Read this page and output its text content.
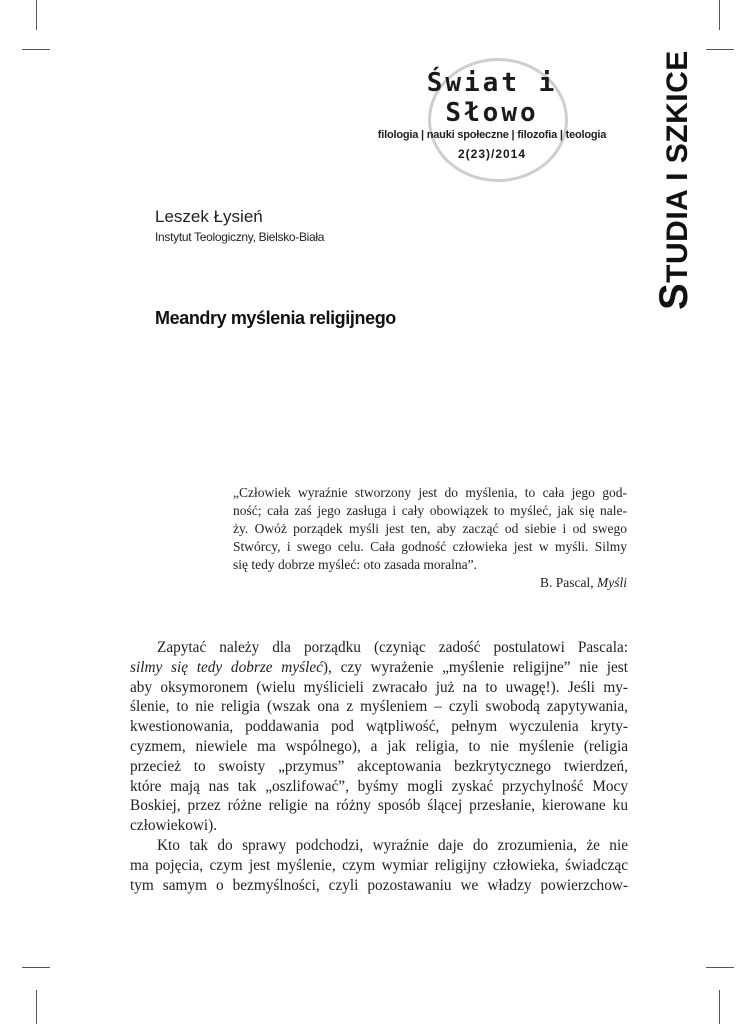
Świat i Słowo
filologia | nauki społeczne | filozofia | teologia
2(23)/2014
STUDIA I SZKICE
Leszek Łysień
Instytut Teologiczny, Bielsko-Biała
Meandry myślenia religijnego
„Człowiek wyraźnie stworzony jest do myślenia, to cała jego god-
ność; cała zaś jego zasługa i cały obowiązek to myśleć, jak się nale-
ży. Owóż porządek myśli jest ten, aby zacząć od siebie i od swego
Stwórcy, i swego celu. Cała godność człowieka jest w myśli. Silmy
się tedy dobrze myśleć: oto zasada moralna”.
B. Pascal, Myśli
Zapytać należy dla porządku (czyniąc zadość postulatowi Pascala:
silmy się tedy dobrze myśleć), czy wyrażenie „myślenie religijne” nie jest
aby oksymoronem (wielu myślicieli zwracało już na to uwagę!). Jeśli my-
ślenie, to nie religia (wszak ona z myśleniem – czyli swobodą zapytywania,
kwestionowania, poddawania pod wątpliwość, pełnym wyczulenia kryty-
cyzmem, niewiele ma wspólnego), a jak religia, to nie myślenie (religia
przecież to swoisty „przymus” akceptowania bezkrytycznego twierdzeń,
które mają nas tak „oszlifować”, byśmy mogli zyskać przychylność Mocy
Boskiej, przez różne religie na różny sposób ślącej przesłanie, kierowane ku
człowiekowi).
Kto tak do sprawy podchodzi, wyraźnie daje do zrozumienia, że nie
ma pojęcia, czym jest myślenie, czym wymiar religijny człowieka, świadcząc
tym samym o bezmyślności, czyli pozostawaniu we władzy powierzchow-
